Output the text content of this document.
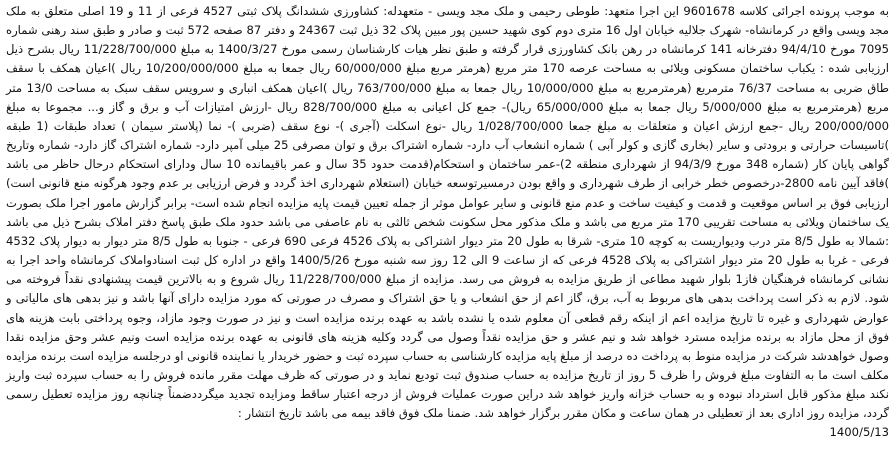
به موجب پرونده اجرائی کلاسه 9601678 این اجرا متعهد: طوطی رحیمی و ملک مجد ویسی - متعهدله: کشاورزی ششدانگ پلاک ثبتی 4527 فرعی از 11 و 19 اصلی متعلق به ملک مجد ویسی واقع در کرمانشاه- شهرک جلالیه خیابان اول 16 متری دوم کوی شهید حسین پور مبین پلاک 32 ذیل ثبت 24367 و دفتر 87 صفحه 572 ثبت و صادر و طبق سند رهنی شماره 7095 مورخ 94/4/10 دفترخانه 141 کرمانشاه در رهن بانک کشاورزی قرار گرفته و طبق نظر هیات کارشناسان رسمی مورخ 1400/3/27 به مبلغ 11/228/700/000 ریال بشرح ذیل ارزیابی شده : یکباب ساختمان مسکونی ویلائی به مساحت عرصه 170 متر مربع (هرمتر مربع مبلغ 60/000/000 ریال جمعا به مبلغ 10/200/000/000 ریال )اعیان همکف با سقف طاق ضربی به مساحت 76/37 مترمربع (هرمترمربع به مبلغ 10/000/000 ریال جمعا به مبلغ 763/700/000 ریال )اعیان همکف انباری و سرویس سقف سبک به مساحت 13/0 متر مربع (هرمترمربع به مبلغ 5/000/000 ریال جمعا به مبلغ 65/000/000 ریال)- جمع کل اعیانی به مبلغ 828/700/000 ریال -ارزش امتیازات آب و برق و گاز و... مجموعا به مبلغ 200/000/000 ریال -جمع ارزش اعیان و متعلقات به مبلغ جمعا 1/028/700/000 ریال -نوع اسکلت (آجری )- نوع سقف (ضربی )- نما (پلاستر سیمان ) تعداد طبقات (1 طبقه )تاسیسات حرارتی و برودتی و سایر (بخاری گازی و کولر آبی ) شماره انشعاب آب دارد- شماره اشتراک برق و توان مصرفی 25 میلی آمپر دارد- شماره اشتراک گاز دارد- شماره وتاریخ گواهی پایان کار (شماره 348 مورخ 94/3/9 از شهرداری منطقه 2)-عمر ساختمان و استحکام(قدمت حدود 35 سال و عمر باقیمانده 10 سال ودارای استحکام درحال حاظر می باشد )فاقد آیین نامه 2800-درخصوص خطر خرابی از طرف شهرداری و واقع بودن درمسیرتوسعه خیابان (استعلام شهرداری اخذ گردد و فرض ارزیابی بر عدم وجود هرگونه منع قانونی است) ارزیابی فوق بر اساس موقعیت و قدمت و کیفیت ساخت و عدم منع قانونی و سایر عوامل موثر از جمله تعیین قیمت پایه مزایده انجام شده است- برابر گزارش مامور اجرا ملک بصورت یک ساختمان ویلائی به مساحت تقریبی 170 متر مربع می باشد و ملک مذکور محل سکونت شخص ثالثی به نام عاصفی می باشد حدود ملک طبق پاسخ دفتر املاک بشرح ذیل می باشد :شمالا به طول 8/5 متر درب ودیواریست به کوچه 10 متری- شرقا به طول 20 متر دیوار اشتراکی به پلاک 4526 فرعی 690 فرعی - جنوبا به طول 8/5 متر دیوار به دیوار پلاک 4532 فرعی - غربا به طول 20 متر دیوار اشتراکی به پلاک 4528 فرعی که از ساعت 9 الی 12 روز سه شنبه مورخ 1400/5/26 واقع در اداره کل ثبت اسنادواملاک کرمانشاه واحد اجرا به نشانی کرمانشاه فرهنگیان فاز1 بلوار شهید مطاعی از طریق مزایده به فروش می رسد. مزایده از مبلغ 11/228/700/000 ریال شروع و به بالاترین قیمت پیشنهادی نقداً فروخته می شود. لازم به ذکر است پرداخت بدهی های مربوط به آب، برق، گاز اعم از حق انشعاب و یا حق اشتراک و مصرف در صورتی که مورد مزایده دارای آنها باشد و نیز بدهی های مالیاتی و عوارض شهرداری و غیره تا تاریخ مزایده اعم از اینکه رقم قطعی آن معلوم شده یا نشده باشد به عهده برنده مزایده است و نیز در صورت وجود مازاد، وجوه پرداختی بابت هزینه های فوق از محل مازاد به برنده مزایده مسترد خواهد شد و نیم عشر و حق مزایده نقداً وصول می گردد وکلیه هزینه های قانونی به عهده برنده مزایده است ونیم عشر وحق مزایده نقدا وصول خواهدشد شرکت در مزایده منوط به پرداخت ده درصد از مبلغ پایه مزایده کارشناسی به حساب سپرده ثبت و حضور خریدار یا نماینده قانونی او درجلسه مزایده است برنده مزایده مکلف است ما به التفاوت مبلغ فروش را ظرف 5 روز از تاریخ مزایده به حساب صندوق ثبت تودیع نماید و در صورتی که ظرف مهلت مقرر مانده فروش را به حساب سپرده ثبت واریز نکند مبلغ مذکور قابل استرداد نبوده و به حساب خزانه واریز خواهد شد دراین صورت عملیات فروش از درجه اعتبار ساقط ومزایده تجدید میگرددضمناً چنانچه روز مزایده تعطیل رسمی گردد، مزایده روز اداری بعد از تعطیلی در همان ساعت و مکان مقرر برگزار خواهد شد. ضمنا ملک فوق فاقد بیمه می باشد تاریخ انتشار :

1400/5/13
